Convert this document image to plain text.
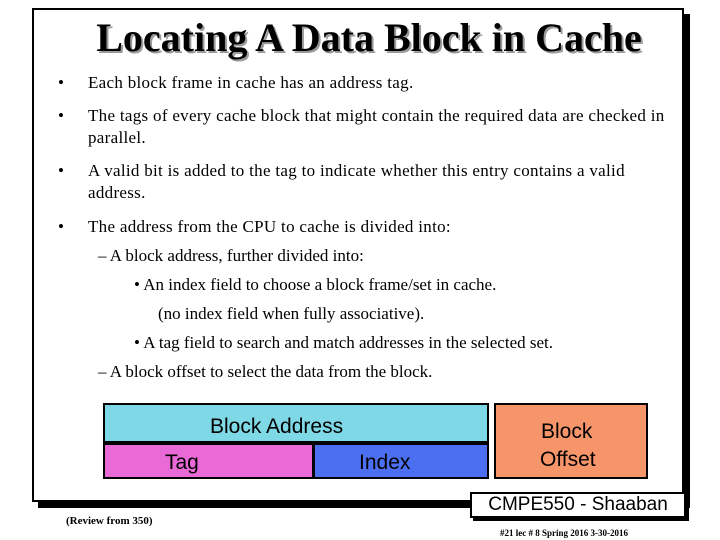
Locating A Data Block in Cache
• Each block frame in cache has an address tag.
• The tags of every cache block that might contain the required data are checked in parallel.
• A valid bit is added to the tag to indicate whether this entry contains a valid address.
• The address from the CPU to cache is divided into:
– A block address, further divided into:
• An index field to choose a block frame/set in cache.
(no index field when fully associative).
• A tag field to search and match addresses in the selected set.
– A block offset to select the data from the block.
Block Address
Tag	Index
Block
Offset
(Review from 350)
CMPE550 - Shaaban
#21 lec # 8 Spring 2016 3-30-2016
